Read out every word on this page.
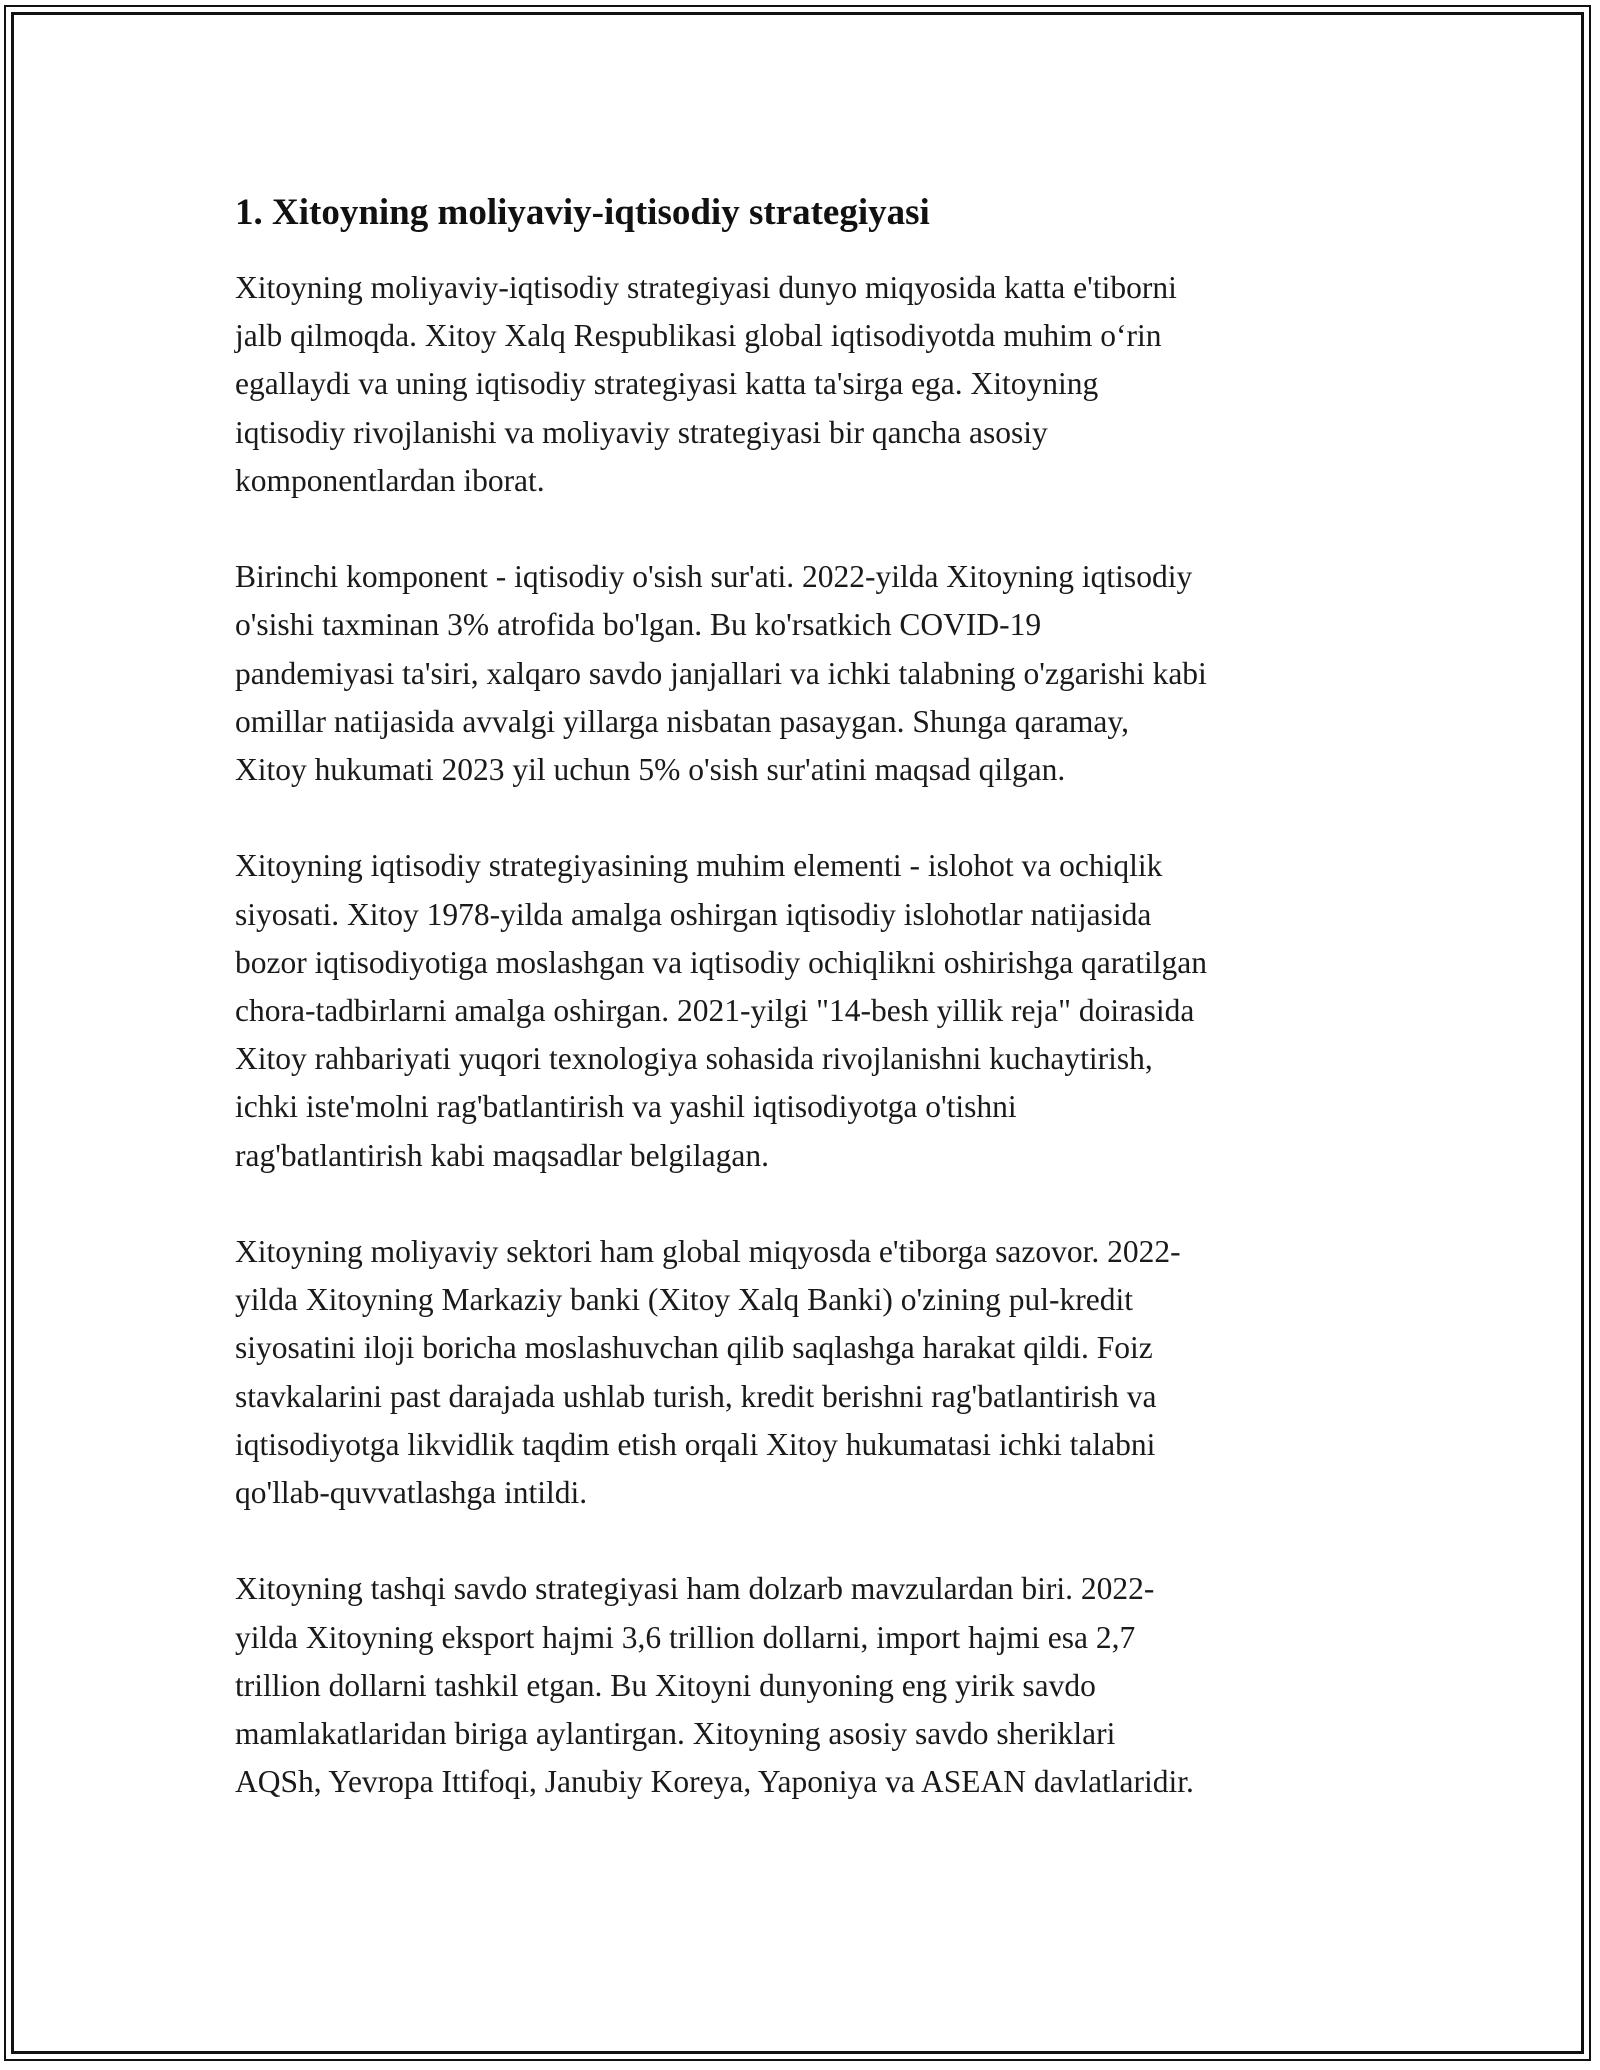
1. Xitoyning moliyaviy-iqtisodiy strategiyasi

Xitoyning moliyaviy-iqtisodiy strategiyasi dunyo miqyosida katta e'tiborni
jalb qilmoqda. Xitoy Xalq Respublikasi global iqtisodiyotda muhim o‘rin
egallaydi va uning iqtisodiy strategiyasi katta ta'sirga ega. Xitoyning
iqtisodiy rivojlanishi va moliyaviy strategiyasi bir qancha asosiy
komponentlardan iborat.

Birinchi komponent - iqtisodiy o'sish sur'ati. 2022-yilda Xitoyning iqtisodiy
o'sishi taxminan 3% atrofida bo'lgan. Bu ko'rsatkich COVID-19
pandemiyasi ta'siri, xalqaro savdo janjallari va ichki talabning o'zgarishi kabi
omillar natijasida avvalgi yillarga nisbatan pasaygan. Shunga qaramay,
Xitoy hukumati 2023 yil uchun 5% o'sish sur'atini maqsad qilgan.

Xitoyning iqtisodiy strategiyasining muhim elementi - islohot va ochiqlik
siyosati. Xitoy 1978-yilda amalga oshirgan iqtisodiy islohotlar natijasida
bozor iqtisodiyotiga moslashgan va iqtisodiy ochiqlikni oshirishga qaratilgan
chora-tadbirlarni amalga oshirgan. 2021-yilgi "14-besh yillik reja" doirasida
Xitoy rahbariyati yuqori texnologiya sohasida rivojlanishni kuchaytirish,
ichki iste'molni rag'batlantirish va yashil iqtisodiyotga o'tishni
rag'batlantirish kabi maqsadlar belgilagan.

Xitoyning moliyaviy sektori ham global miqyosda e'tiborga sazovor. 2022-
yilda Xitoyning Markaziy banki (Xitoy Xalq Banki) o'zining pul-kredit
siyosatini iloji boricha moslashuvchan qilib saqlashga harakat qildi. Foiz
stavkalarini past darajada ushlab turish, kredit berishni rag'batlantirish va
iqtisodiyotga likvidlik taqdim etish orqali Xitoy hukumatasi ichki talabni
qo'llab-quvvatlashga intildi.

Xitoyning tashqi savdo strategiyasi ham dolzarb mavzulardan biri. 2022-
yilda Xitoyning eksport hajmi 3,6 trillion dollarni, import hajmi esa 2,7
trillion dollarni tashkil etgan. Bu Xitoyni dunyoning eng yirik savdo
mamlakatlaridan biriga aylantirgan. Xitoyning asosiy savdo sheriklari
AQSh, Yevropa Ittifoqi, Janubiy Koreya, Yaponiya va ASEAN davlatlaridir.
